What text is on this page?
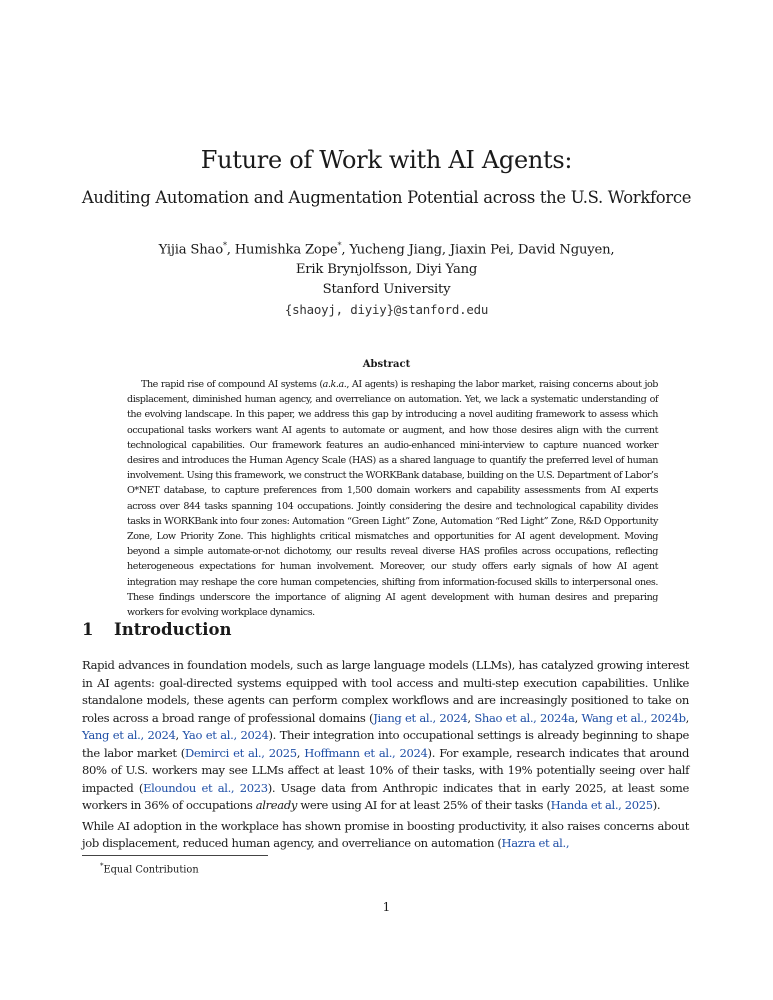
Future of Work with AI Agents:
Auditing Automation and Augmentation Potential across the U.S. Workforce
Yijia Shao*, Humishka Zope*, Yucheng Jiang, Jiaxin Pei, David Nguyen,
Erik Brynjolfsson, Diyi Yang
Stanford University
{shaoyj, diyiy}@stanford.edu
Abstract
The rapid rise of compound AI systems (a.k.a., AI agents) is reshaping the labor market, raising concerns about job displacement, diminished human agency, and overreliance on automation. Yet, we lack a systematic understanding of the evolving landscape. In this paper, we address this gap by introducing a novel auditing framework to assess which occupational tasks workers want AI agents to automate or augment, and how those desires align with the current technological capabilities. Our framework features an audio-enhanced mini-interview to capture nuanced worker desires and introduces the Human Agency Scale (HAS) as a shared language to quantify the preferred level of human involvement. Using this framework, we construct the WORKBank database, building on the U.S. Department of Labor’s O*NET database, to capture preferences from 1,500 domain workers and capability assessments from AI experts across over 844 tasks spanning 104 occupations. Jointly considering the desire and technological capability divides tasks in WORKBank into four zones: Automation “Green Light” Zone, Automation “Red Light” Zone, R&D Opportunity Zone, Low Priority Zone. This highlights critical mismatches and opportunities for AI agent development. Moving beyond a simple automate-or-not dichotomy, our results reveal diverse HAS profiles across occupations, reflecting heterogeneous expectations for human involvement. Moreover, our study offers early signals of how AI agent integration may reshape the core human competencies, shifting from information-focused skills to interpersonal ones. These findings underscore the importance of aligning AI agent development with human desires and preparing workers for evolving workplace dynamics.
1 Introduction

Rapid advances in foundation models, such as large language models (LLMs), has catalyzed growing interest in AI agents: goal-directed systems equipped with tool access and multi-step execution capabilities. Unlike standalone models, these agents can perform complex workflows and are increasingly positioned to take on roles across a broad range of professional domains (Jiang et al., 2024, Shao et al., 2024a, Wang et al., 2024b, Yang et al., 2024, Yao et al., 2024). Their integration into occupational settings is already beginning to shape the labor market (Demirci et al., 2025, Hoffmann et al., 2024). For example, research indicates that around 80% of U.S. workers may see LLMs affect at least 10% of their tasks, with 19% potentially seeing over half impacted (Eloundou et al., 2023). Usage data from Anthropic indicates that in early 2025, at least some workers in 36% of occupations already were using AI for at least 25% of their tasks (Handa et al., 2025).

While AI adoption in the workplace has shown promise in boosting productivity, it also raises concerns about job displacement, reduced human agency, and overreliance on automation (Hazra et al.,

*Equal Contribution
1
